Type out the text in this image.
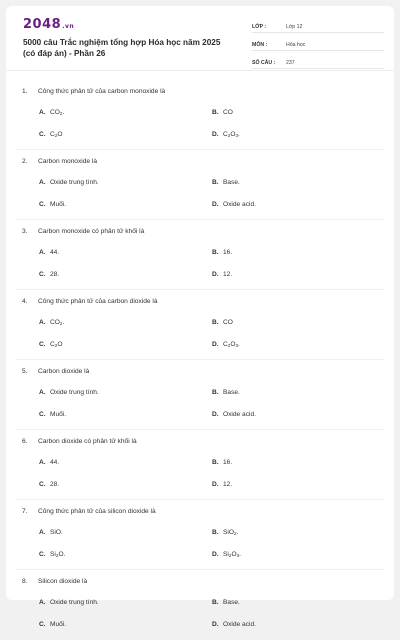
2048.vn
5000 câu Trắc nghiệm tổng hợp Hóa học năm 2025 (có đáp án) - Phần 26
LỚP :	Lớp 12
MÔN :	Hóa học
SỐ CÂU :	237
1. Công thức phân tử của carbon monoxide là
A. $CO_2$.	B. CO
C. $C_2O$	D. $C_2O_3$.
2. Carbon monoxide là
A. Oxide trung tính.	B. Base.
C. Muối.	D. Oxide acid.
3. Carbon monoxide có phân tử khối là
A. 44.	B. 16.
C. 28.	D. 12.
4. Công thức phân tử của carbon dioxide là
A. $CO_2$.	B. CO
C. $C_2O$	D. $C_2O_3$.
5. Carbon dioxide là
A. Oxide trung tính.	B. Base.
C. Muối.	D. Oxide acid.
6. Carbon dioxide có phân tử khối là
A. 44.	B. 16.
C. 28.	D. 12.
7. Công thức phân tử của silicon dioxide là
A. SiO.	B. SiO$_2$.
C. $Si_2O$.	D. $Si_2O_3$.
8. Silicon dioxide là
A. Oxide trung tính.	B. Base.
C. Muối.	D. Oxide acid.
